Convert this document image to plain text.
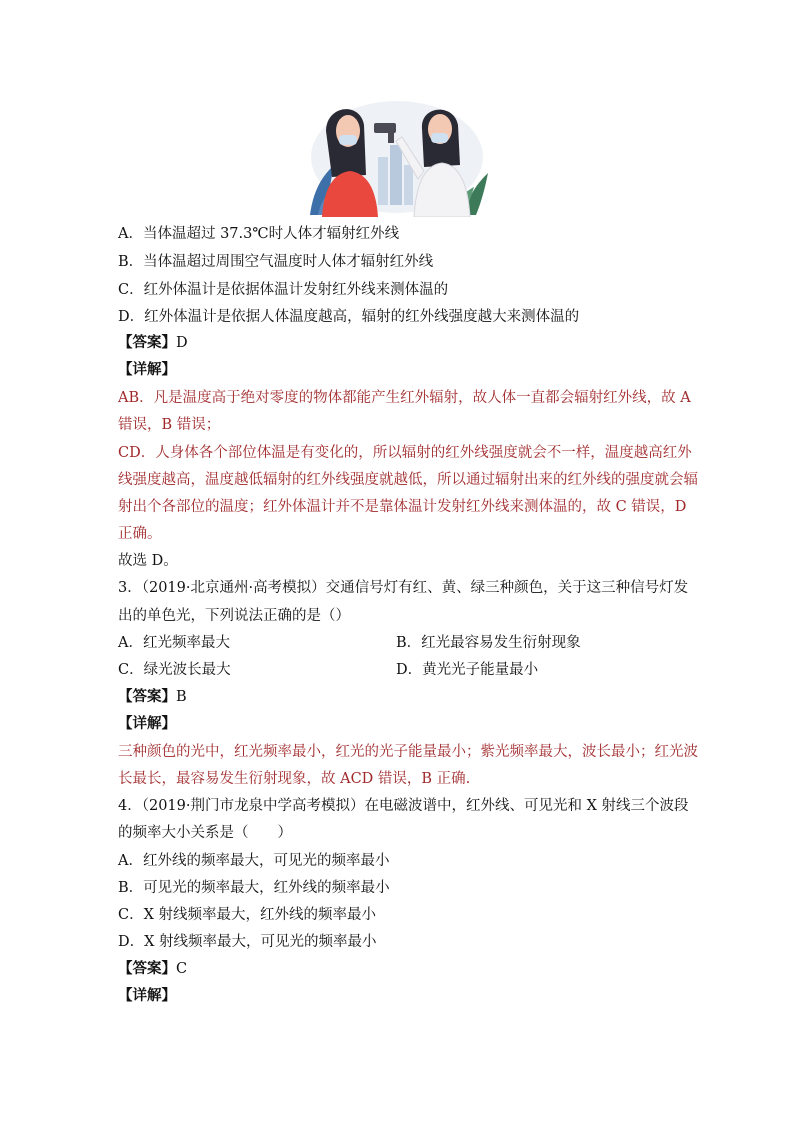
A．当体温超过 37.3℃时人体才辐射红外线
B．当体温超过周围空气温度时人体才辐射红外线
C．红外体温计是依据体温计发射红外线来测体温的
D．红外体温计是依据人体温度越高，辐射的红外线强度越大来测体温的
【答案】D
【详解】
AB．凡是温度高于绝对零度的物体都能产生红外辐射，故人体一直都会辐射红外线，故 A
错误，B 错误；
CD．人身体各个部位体温是有变化的，所以辐射的红外线强度就会不一样，温度越高红外
线强度越高，温度越低辐射的红外线强度就越低，所以通过辐射出来的红外线的强度就会辐
射出个各部位的温度；红外体温计并不是靠体温计发射红外线来测体温的，故 C 错误，D
正确。
故选 D。
3．（2019·北京通州·高考模拟）交通信号灯有红、黄、绿三种颜色，关于这三种信号灯发
出的单色光，下列说法正确的是（）
A．红光频率最大	B．红光最容易发生衍射现象
C．绿光波长最大	D．黄光光子能量最小
【答案】B
【详解】
三种颜色的光中，红光频率最小，红光的光子能量最小；紫光频率最大，波长最小；红光波
长最长，最容易发生衍射现象，故 ACD 错误，B 正确.
4．（2019·荆门市龙泉中学高考模拟）在电磁波谱中，红外线、可见光和 X 射线三个波段
的频率大小关系是（　　）
A．红外线的频率最大，可见光的频率最小
B．可见光的频率最大，红外线的频率最小
C．X 射线频率最大，红外线的频率最小
D．X 射线频率最大，可见光的频率最小
【答案】C
【详解】
